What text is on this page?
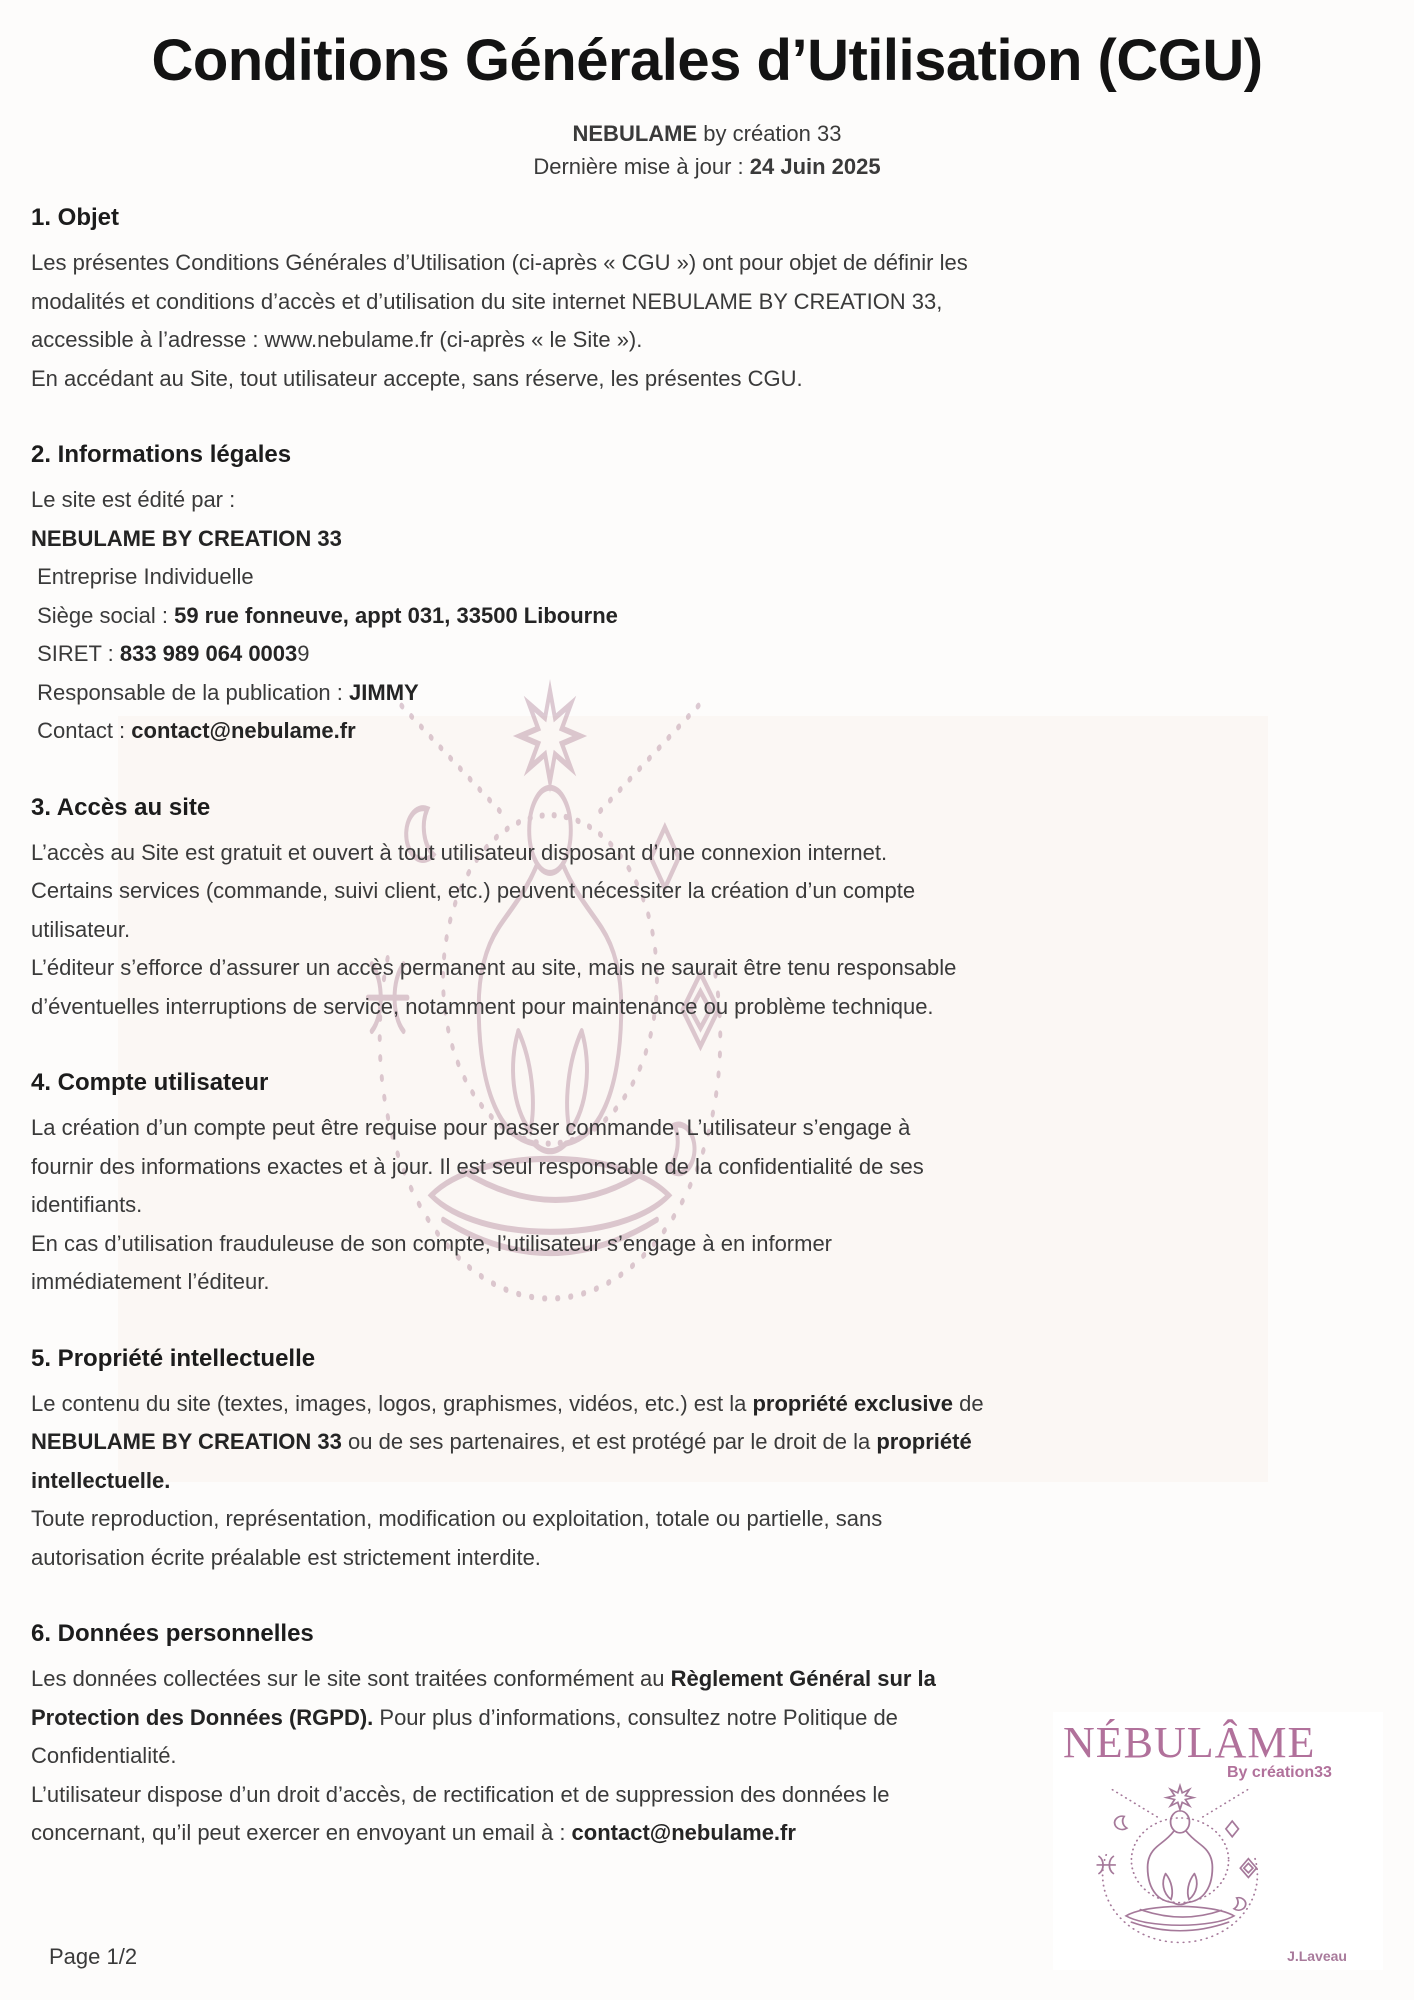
NÉBULÂME
By création33
J.Laveau
Conditions Générales d’Utilisation (CGU)
NEBULAME by création 33
Dernière mise à jour : 24 Juin 2025
1. Objet
Les présentes Conditions Générales d’Utilisation (ci-après « CGU ») ont pour objet de définir les
modalités et conditions d’accès et d’utilisation du site internet NEBULAME BY CREATION 33,
accessible à l’adresse : www.nebulame.fr (ci-après « le Site »).
En accédant au Site, tout utilisateur accepte, sans réserve, les présentes CGU.
2. Informations légales
Le site est édité par :
NEBULAME BY CREATION 33
Entreprise Individuelle
Siège social : 59 rue fonneuve, appt 031, 33500 Libourne
SIRET : 833 989 064 00039
Responsable de la publication : JIMMY
Contact : contact@nebulame.fr
3. Accès au site
L’accès au Site est gratuit et ouvert à tout utilisateur disposant d’une connexion internet.
Certains services (commande, suivi client, etc.) peuvent nécessiter la création d’un compte
utilisateur.
L’éditeur s’efforce d’assurer un accès permanent au site, mais ne saurait être tenu responsable
d’éventuelles interruptions de service, notamment pour maintenance ou problème technique.
4. Compte utilisateur
La création d’un compte peut être requise pour passer commande. L’utilisateur s’engage à
fournir des informations exactes et à jour. Il est seul responsable de la confidentialité de ses
identifiants.
En cas d’utilisation frauduleuse de son compte, l’utilisateur s’engage à en informer
immédiatement l’éditeur.
5. Propriété intellectuelle
Le contenu du site (textes, images, logos, graphismes, vidéos, etc.) est la propriété exclusive de
NEBULAME BY CREATION 33 ou de ses partenaires, et est protégé par le droit de la propriété
intellectuelle.
Toute reproduction, représentation, modification ou exploitation, totale ou partielle, sans
autorisation écrite préalable est strictement interdite.
6. Données personnelles
Les données collectées sur le site sont traitées conformément au Règlement Général sur la
Protection des Données (RGPD). Pour plus d’informations, consultez notre Politique de
Confidentialité.
L’utilisateur dispose d’un droit d’accès, de rectification et de suppression des données le
concernant, qu’il peut exercer en envoyant un email à : contact@nebulame.fr
Page 1/2
